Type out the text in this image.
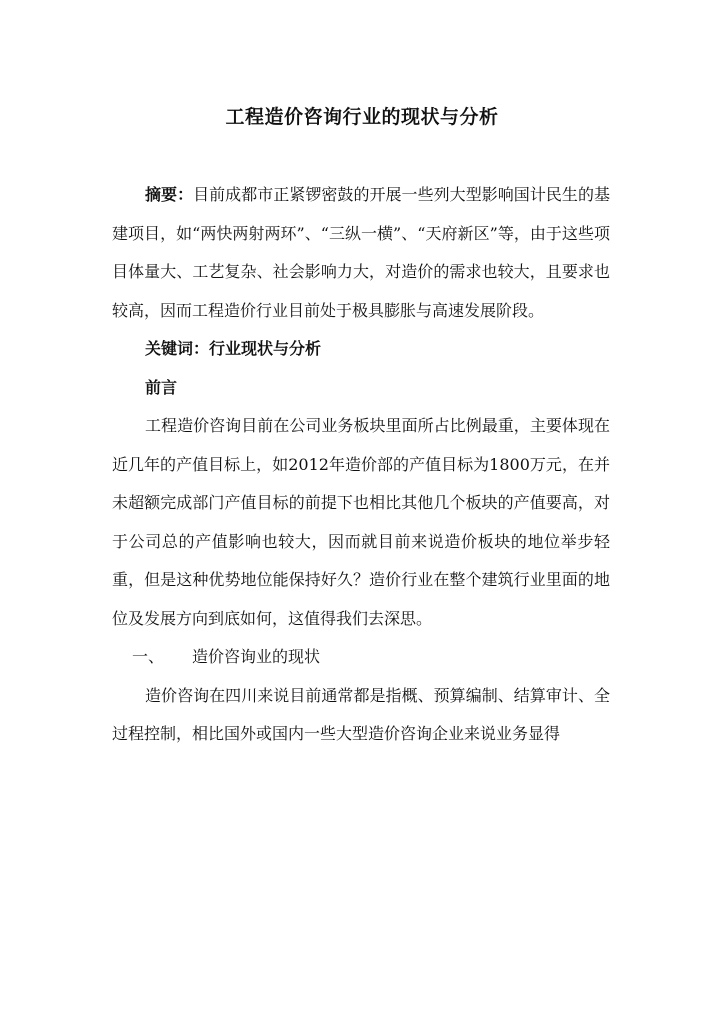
工程造价咨询行业的现状与分析

摘要：目前成都市正紧锣密鼓的开展一些列大型影响国计民生的基建项目，如“两快两射两环”、“三纵一横”、“天府新区”等，由于这些项目体量大、工艺复杂、社会影响力大，对造价的需求也较大，且要求也较高，因而工程造价行业目前处于极具膨胀与高速发展阶段。

关键词：行业现状与分析

前言

工程造价咨询目前在公司业务板块里面所占比例最重，主要体现在近几年的产值目标上，如2012年造价部的产值目标为1800万元，在并未超额完成部门产值目标的前提下也相比其他几个板块的产值要高，对于公司总的产值影响也较大，因而就目前来说造价板块的地位举步轻重，但是这种优势地位能保持好久？造价行业在整个建筑行业里面的地位及发展方向到底如何，这值得我们去深思。

一、	造价咨询业的现状

造价咨询在四川来说目前通常都是指概、预算编制、结算审计、全过程控制，相比国外或国内一些大型造价咨询企业来说业务显得
